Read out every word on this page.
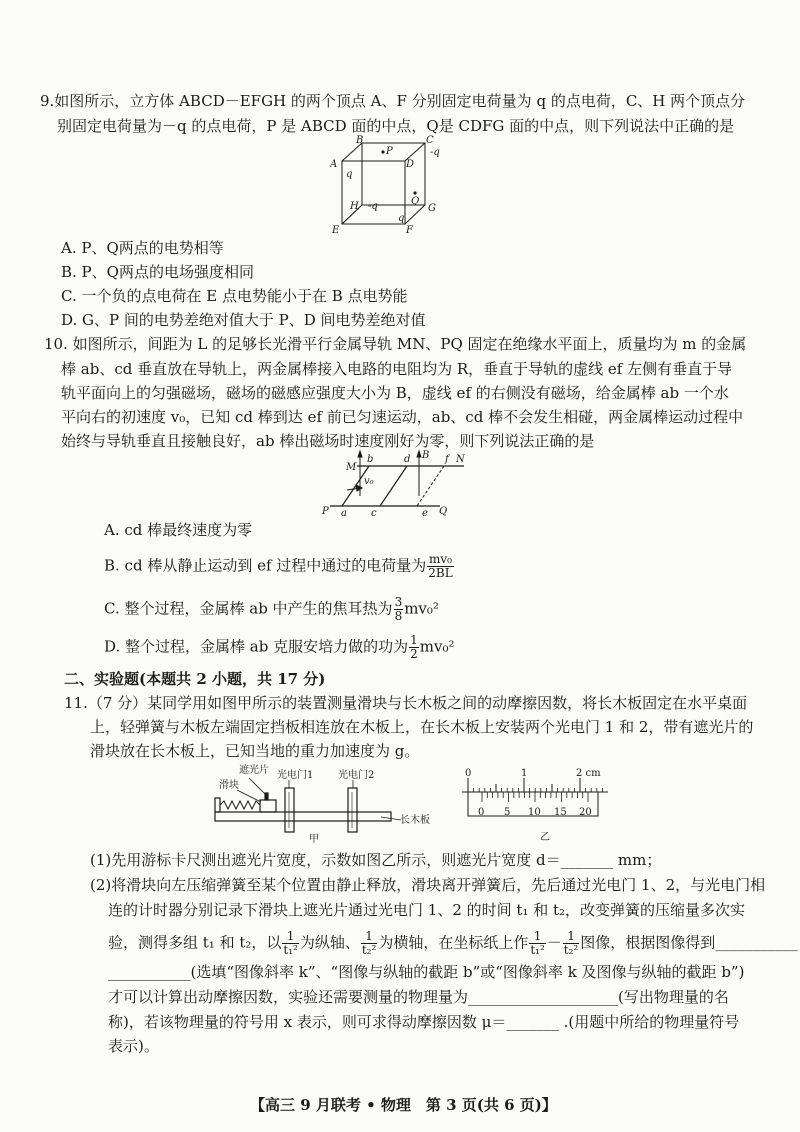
9.如图所示，立方体 ABCD－EFGH 的两个顶点 A、F 分别固定电荷量为 q 的点电荷，C、H 两个顶点分
别固定电荷量为－q 的点电荷，P 是 ABCD 面的中点，Q是 CDFG 面的中点，则下列说法中正确的是
B	C
A	D
P
Q
H	G
E	F
q
-q
-q
q
A. P、Q两点的电势相等
B. P、Q两点的电场强度相同
C. 一个负的点电荷在 E 点电势能小于在 B 点电势能
D. G、P 间的电势差绝对值大于 P、D 间电势差绝对值
10. 如图所示，间距为 L 的足够长光滑平行金属导轨 MN、PQ 固定在绝缘水平面上，质量均为 m 的金属
棒 ab、cd 垂直放在导轨上，两金属棒接入电路的电阻均为 R，垂直于导轨的虚线 ef 左侧有垂直于导
轨平面向上的匀强磁场，磁场的磁感应强度大小为 B，虚线 ef 的右侧没有磁场，给金属棒 ab 一个水
平向右的初速度 v₀，已知 cd 棒到达 ef 前已匀速运动，ab、cd 棒不会发生相碰，两金属棒运动过程中
始终与导轨垂直且接触良好，ab 棒出磁场时速度刚好为零，则下列说法正确的是
M
b	d B f N
v₀
P a c	e Q
A. cd 棒最终速度为零
B. cd 棒从静止运动到 ef 过程中通过的电荷量为 $\frac{\text{mv₀}}{2BL}$
C. 整个过程，金属棒 ab 中产生的焦耳热为 $\frac{3}{8} mv_0^2$
D. 整个过程，金属棒 ab 克服安培力做的功为 $\frac{1}{2} mv_0^2$
二、实验题(本题共 2 小题，共 17 分)
11.（7 分）某同学用如图甲所示的装置测量滑块与长木板之间的动摩擦因数，将长木板固定在水平桌面
上，轻弹簧与木板左端固定挡板相连放在木板上，在长木板上安装两个光电门 1 和 2，带有遮光片的
滑块放在长木板上，已知当地的重力加速度为 g。
遮光片
滑块
光电门1 光电门2
长木板
甲
0	1	2 cm
0 5 10 15 20
乙
(1)先用游标卡尺测出遮光片宽度，示数如图乙所示，则遮光片宽度 d＝_______ mm；
(2)将滑块向左压缩弹簧至某个位置由静止释放，滑块离开弹簧后，先后通过光电门 1、2，与光电门相
连的计时器分别记录下滑块上遮光片通过光电门 1、2 的时间 t₁ 和 t₂，改变弹簧的压缩量多次实
验，测得多组 t₁ 和 t₂，以 $\frac{1}{\text{t₁²}}$ 为纵轴、 $\frac{1}{\text{t₂²}}$ 为横轴，在坐标纸上作 $\frac{1}{\text{t₁²}} - \frac{1}{\text{t₂²}}$ 图像，根据图像得到___________
___________(选填“图像斜率 k”、“图像与纵轴的截距 b”或“图像斜率 k 及图像与纵轴的截距 b”)
才可以计算出动摩擦因数，实验还需要测量的物理量为____________________(写出物理量的名
称)，若该物理量的符号用 x 表示，则可求得动摩擦因数 μ＝_______ .(用题中所给的物理量符号
表示)。
【高三 9 月联考 • 物理　第 3 页(共 6 页)】
